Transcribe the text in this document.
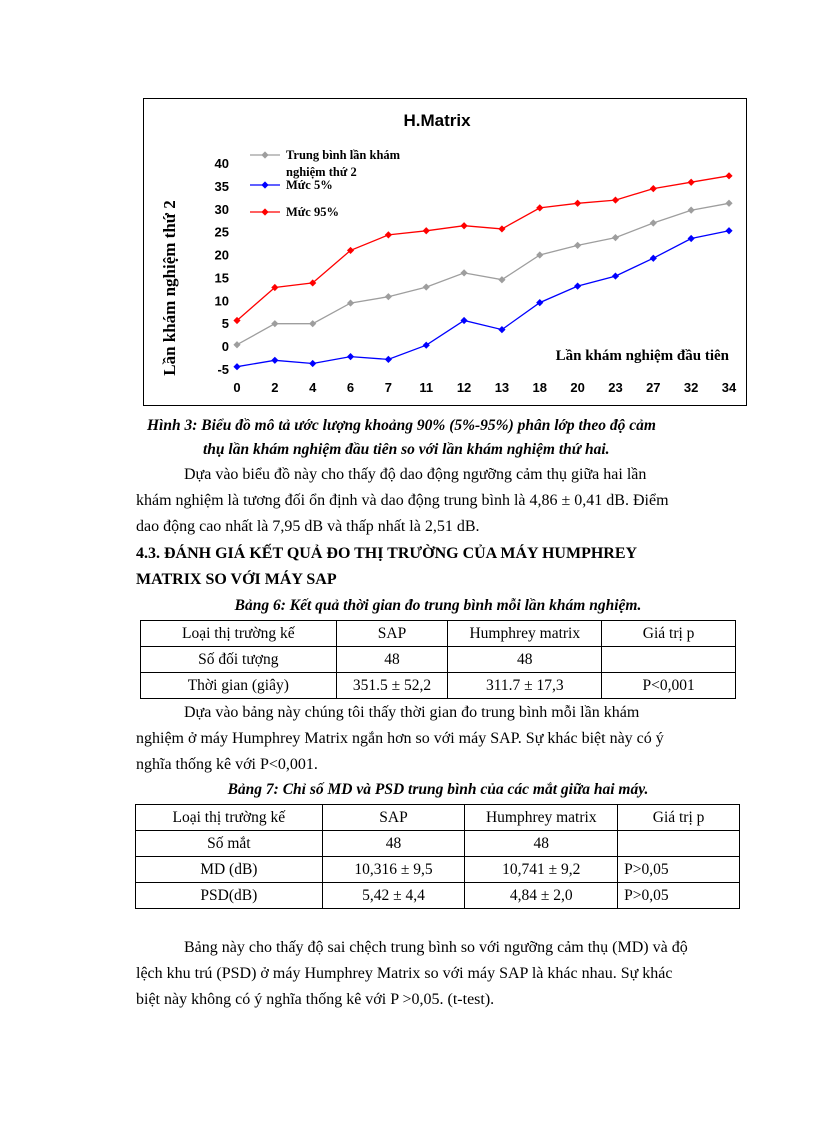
H.Matrix
Lần khám nghiệm thứ 2	Lần khám nghiệm đầu tiên
-5
0
5
10
15
20
25
30
35
40
0 2 4 6 7 11 12 13 18 20 23 27 32 34
Trung bình lần khám
nghiệm thứ 2
Mức 5%
Mức 95%
Hình 3: Biểu đồ mô tả ước lượng khoảng 90% (5%-95%) phân lớp theo độ cảm
thụ lần khám nghiệm đầu tiên so với lần khám nghiệm thứ hai.
Dựa vào biểu đồ này cho thấy độ dao động ngưỡng cảm thụ giữa hai lần
khám nghiệm là tương đối ổn định và dao động trung bình là 4,86 ± 0,41 dB. Điểm
dao động cao nhất là 7,95 dB và thấp nhất là 2,51 dB.
4.3. ĐÁNH GIÁ KẾT QUẢ ĐO THỊ TRƯỜNG CỦA MÁY HUMPHREY
MATRIX SO VỚI MÁY SAP
Bảng 6: Kết quả thời gian đo trung bình mỗi lần khám nghiệm.
Loại thị trường kế	SAP	Humphrey matrix	Giá trị p
Số đối tượng	48	48	
Thời gian (giây)	351.5 ± 52,2	311.7 ± 17,3	P<0,001
Dựa vào bảng này chúng tôi thấy thời gian đo trung bình mỗi lần khám
nghiệm ở máy Humphrey Matrix ngắn hơn so với máy SAP. Sự khác biệt này có ý
nghĩa thống kê với P<0,001.
Bảng 7: Chỉ số MD và PSD trung bình của các mắt giữa hai máy.
Loại thị trường kế	SAP	Humphrey matrix	Giá trị p
Số mắt	48	48	
MD (dB)	10,316 ± 9,5	10,741 ± 9,2	P>0,05
PSD(dB)	5,42 ± 4,4	4,84 ± 2,0	P>0,05
Bảng này cho thấy độ sai chệch trung bình so với ngưỡng cảm thụ (MD) và độ
lệch khu trú (PSD) ở máy Humphrey Matrix so với máy SAP là khác nhau. Sự khác
biệt này không có ý nghĩa thống kê với P >0,05. (t-test).
